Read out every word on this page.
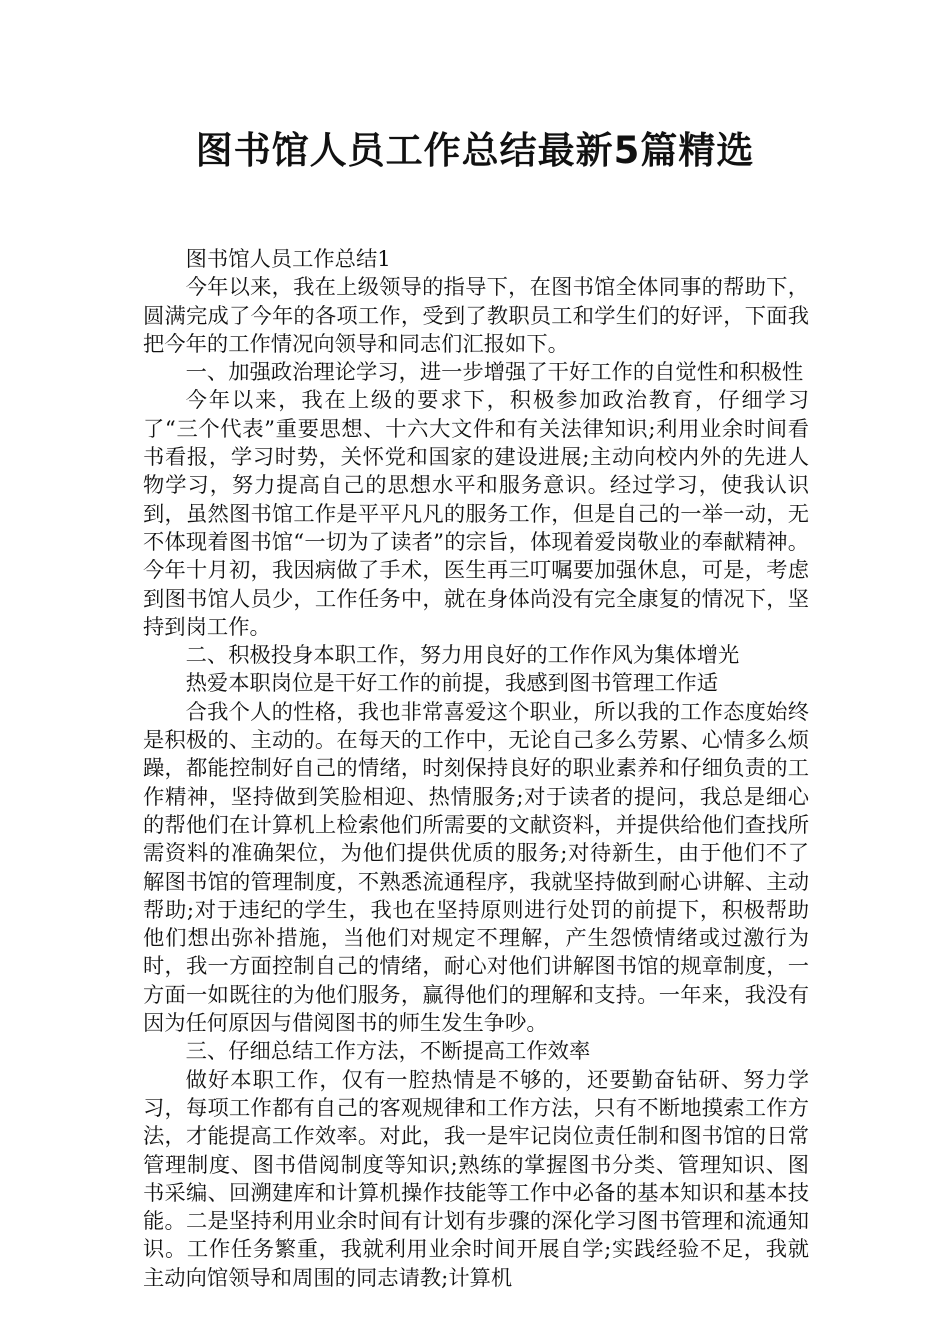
图书馆人员工作总结最新5篇精选

图书馆人员工作总结1

今年以来，我在上级领导的指导下，在图书馆全体同事的帮助下，圆满完成了今年的各项工作，受到了教职员工和学生们的好评，下面我把今年的工作情况向领导和同志们汇报如下。

一、加强政治理论学习，进一步增强了干好工作的自觉性和积极性

今年以来，我在上级的要求下，积极参加政治教育，仔细学习了“三个代表”重要思想、十六大文件和有关法律知识;利用业余时间看书看报，学习时势，关怀党和国家的建设进展;主动向校内外的先进人物学习，努力提高自己的思想水平和服务意识。经过学习，使我认识到，虽然图书馆工作是平平凡凡的服务工作，但是自己的一举一动，无不体现着图书馆“一切为了读者”的宗旨，体现着爱岗敬业的奉献精神。今年十月初，我因病做了手术，医生再三叮嘱要加强休息，可是，考虑到图书馆人员少，工作任务中，就在身体尚没有完全康复的情况下，坚持到岗工作。

二、积极投身本职工作，努力用良好的工作作风为集体增光

热爱本职岗位是干好工作的前提，我感到图书管理工作适

合我个人的性格，我也非常喜爱这个职业，所以我的工作态度始终是积极的、主动的。在每天的工作中，无论自己多么劳累、心情多么烦躁，都能控制好自己的情绪，时刻保持良好的职业素养和仔细负责的工作精神，坚持做到笑脸相迎、热情服务;对于读者的提问，我总是细心的帮他们在计算机上检索他们所需要的文献资料，并提供给他们查找所需资料的准确架位，为他们提供优质的服务;对待新生，由于他们不了解图书馆的管理制度，不熟悉流通程序，我就坚持做到耐心讲解、主动帮助;对于违纪的学生，我也在坚持原则进行处罚的前提下，积极帮助他们想出弥补措施，当他们对规定不理解，产生怨愤情绪或过激行为时，我一方面控制自己的情绪，耐心对他们讲解图书馆的规章制度，一方面一如既往的为他们服务，赢得他们的理解和支持。一年来，我没有因为任何原因与借阅图书的师生发生争吵。

三、仔细总结工作方法，不断提高工作效率

做好本职工作，仅有一腔热情是不够的，还要勤奋钻研、努力学习，每项工作都有自己的客观规律和工作方法，只有不断地摸索工作方法，才能提高工作效率。对此，我一是牢记岗位责任制和图书馆的日常管理制度、图书借阅制度等知识;熟练的掌握图书分类、管理知识、图书采编、回溯建库和计算机操作技能等工作中必备的基本知识和基本技能。二是坚持利用业余时间有计划有步骤的深化学习图书管理和流通知识。工作任务繁重，我就利用业余时间开展自学;实践经验不足，我就主动向馆领导和周围的同志请教;计算机
